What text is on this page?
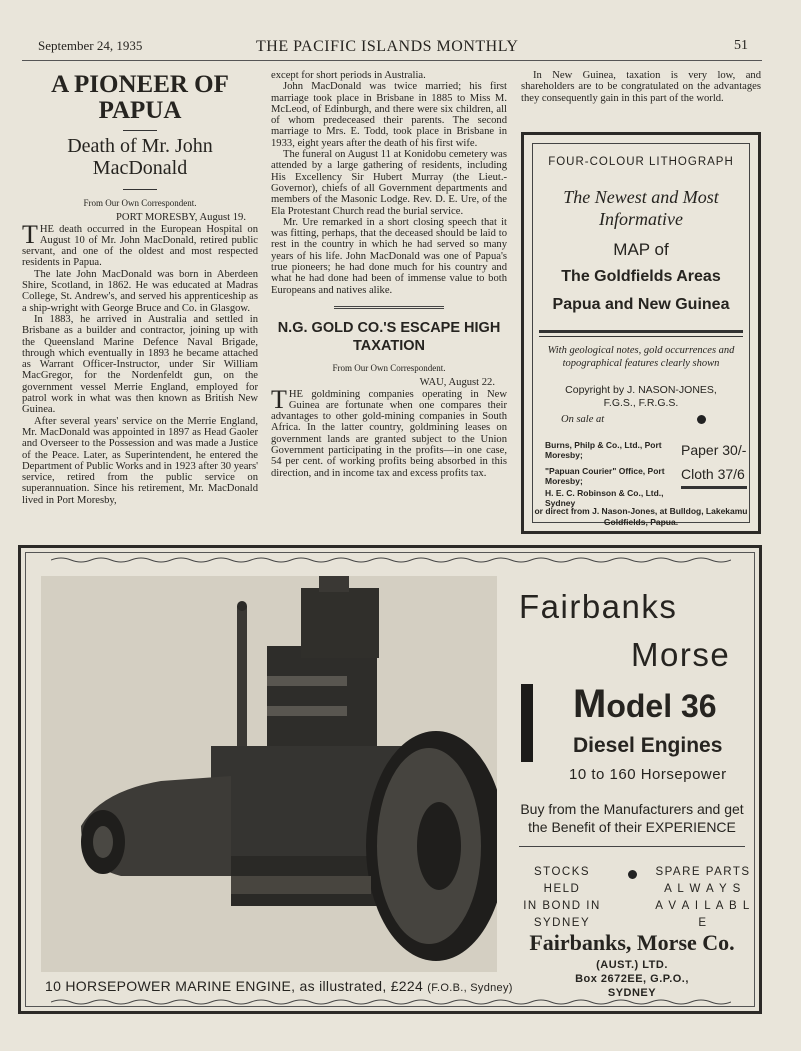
September 24, 1935	THE PACIFIC ISLANDS MONTHLY	51
A PIONEER OF PAPUA
Death of Mr. John MacDonald
From Our Own Correspondent.
PORT MORESBY, August 19.

THE death occurred in the European Hospital on August 10 of Mr. John MacDonald, retired public servant, and one of the oldest and most respected residents in Papua.

The late John MacDonald was born in Aberdeen Shire, Scotland, in 1862. He was educated at Madras College, St. Andrew's, and served his apprenticeship as a ship-wright with George Bruce and Co. in Glasgow.

In 1883, he arrived in Australia and settled in Brisbane as a builder and contractor, joining up with the Queensland Marine Defence Naval Brigade, through which eventually in 1893 he became attached as Warrant Officer-Instructor, under Sir William MacGregor, for the Nordenfeldt gun, on the government vessel Merrie England, employed for patrol work in what was then known as British New Guinea.

After several years' service on the Merrie England, Mr. MacDonald was appointed in 1897 as Head Gaoler and Overseer to the Possession and was made a Justice of the Peace. Later, as Superintendent, he entered the Department of Public Works and in 1923 after 30 years' service, retired from the public service on superannuation. Since his retirement, Mr. MacDonald lived in Port Moresby,

except for short periods in Australia.

John MacDonald was twice married; his first marriage took place in Brisbane in 1885 to Miss M. McLeod, of Edinburgh, and there were six children, all of whom predeceased their parents. The second marriage to Mrs. E. Todd, took place in Brisbane in 1933, eight years after the death of his first wife.

The funeral on August 11 at Konidobu cemetery was attended by a large gathering of residents, including His Excellency Sir Hubert Murray (the Lieut.-Governor), chiefs of all Government departments and members of the Masonic Lodge. Rev. D. E. Ure, of the Ela Protestant Church read the burial service.

Mr. Ure remarked in a short closing speech that it was fitting, perhaps, that the deceased should be laid to rest in the country in which he had served so many years of his life. John MacDonald was one of Papua's true pioneers; he had done much for his country and what he had done had been of immense value to both Europeans and natives alike.

N.G. GOLD CO.'S ESCAPE HIGH TAXATION
From Our Own Correspondent.
WAU, August 22.

THE goldmining companies operating in New Guinea are fortunate when one compares their advantages to other gold-mining companies in South Africa. In the latter country, goldmining leases on government lands are granted subject to the Union Government participating in the profits—in one case, 54 per cent. of working profits being absorbed in this direction, and in income tax and excess profits tax.

In New Guinea, taxation is very low, and shareholders are to be congratulated on the advantages they consequently gain in this part of the world.

FOUR-COLOUR LITHOGRAPH
The Newest and Most
Informative
MAP of
The Goldfields Areas
Papua and New Guinea
With geological notes, gold occurrences and topographical features clearly shown
Copyright by J. NASON-JONES,
F.G.S., F.R.G.S.
On sale at
Burns, Philp & Co., Ltd., Port Moresby;
"Papuan Courier" Office, Port Moresby;
H. E. C. Robinson & Co., Ltd., Sydney
Paper 30/-
Cloth 37/6
or direct from J. Nason-Jones, at Bulldog, Lakekamu Goldfields, Papua.
10 HORSEPOWER MARINE ENGINE, as illustrated, £224 (F.O.B., Sydney)
Fairbanks
Morse
Model 36
Diesel Engines
10 to 160 Horsepower
Buy from the Manufacturers and get the Benefit of their EXPERIENCE
STOCKS HELD
IN BOND IN
SYDNEY
SPARE PARTS
A L W A Y S
A V A I L A B L E
Fairbanks, Morse Co.
(AUST.) LTD.
Box 2672EE, G.P.O.,
SYDNEY
